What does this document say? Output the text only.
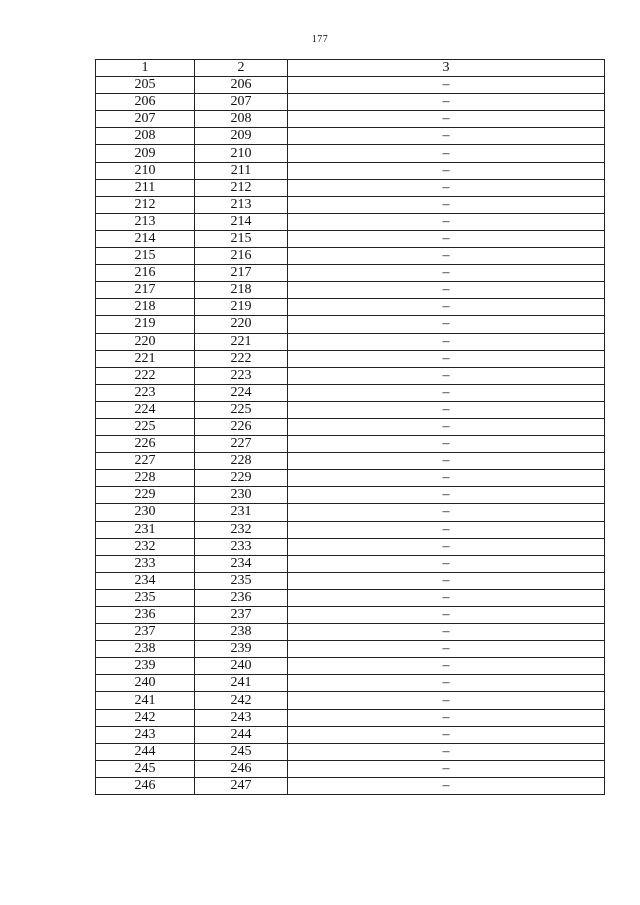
177
1	2	3
205	206	–
206	207	–
207	208	–
208	209	–
209	210	–
210	211	–
211	212	–
212	213	–
213	214	–
214	215	–
215	216	–
216	217	–
217	218	–
218	219	–
219	220	–
220	221	–
221	222	–
222	223	–
223	224	–
224	225	–
225	226	–
226	227	–
227	228	–
228	229	–
229	230	–
230	231	–
231	232	–
232	233	–
233	234	–
234	235	–
235	236	–
236	237	–
237	238	–
238	239	–
239	240	–
240	241	–
241	242	–
242	243	–
243	244	–
244	245	–
245	246	–
246	247	–
